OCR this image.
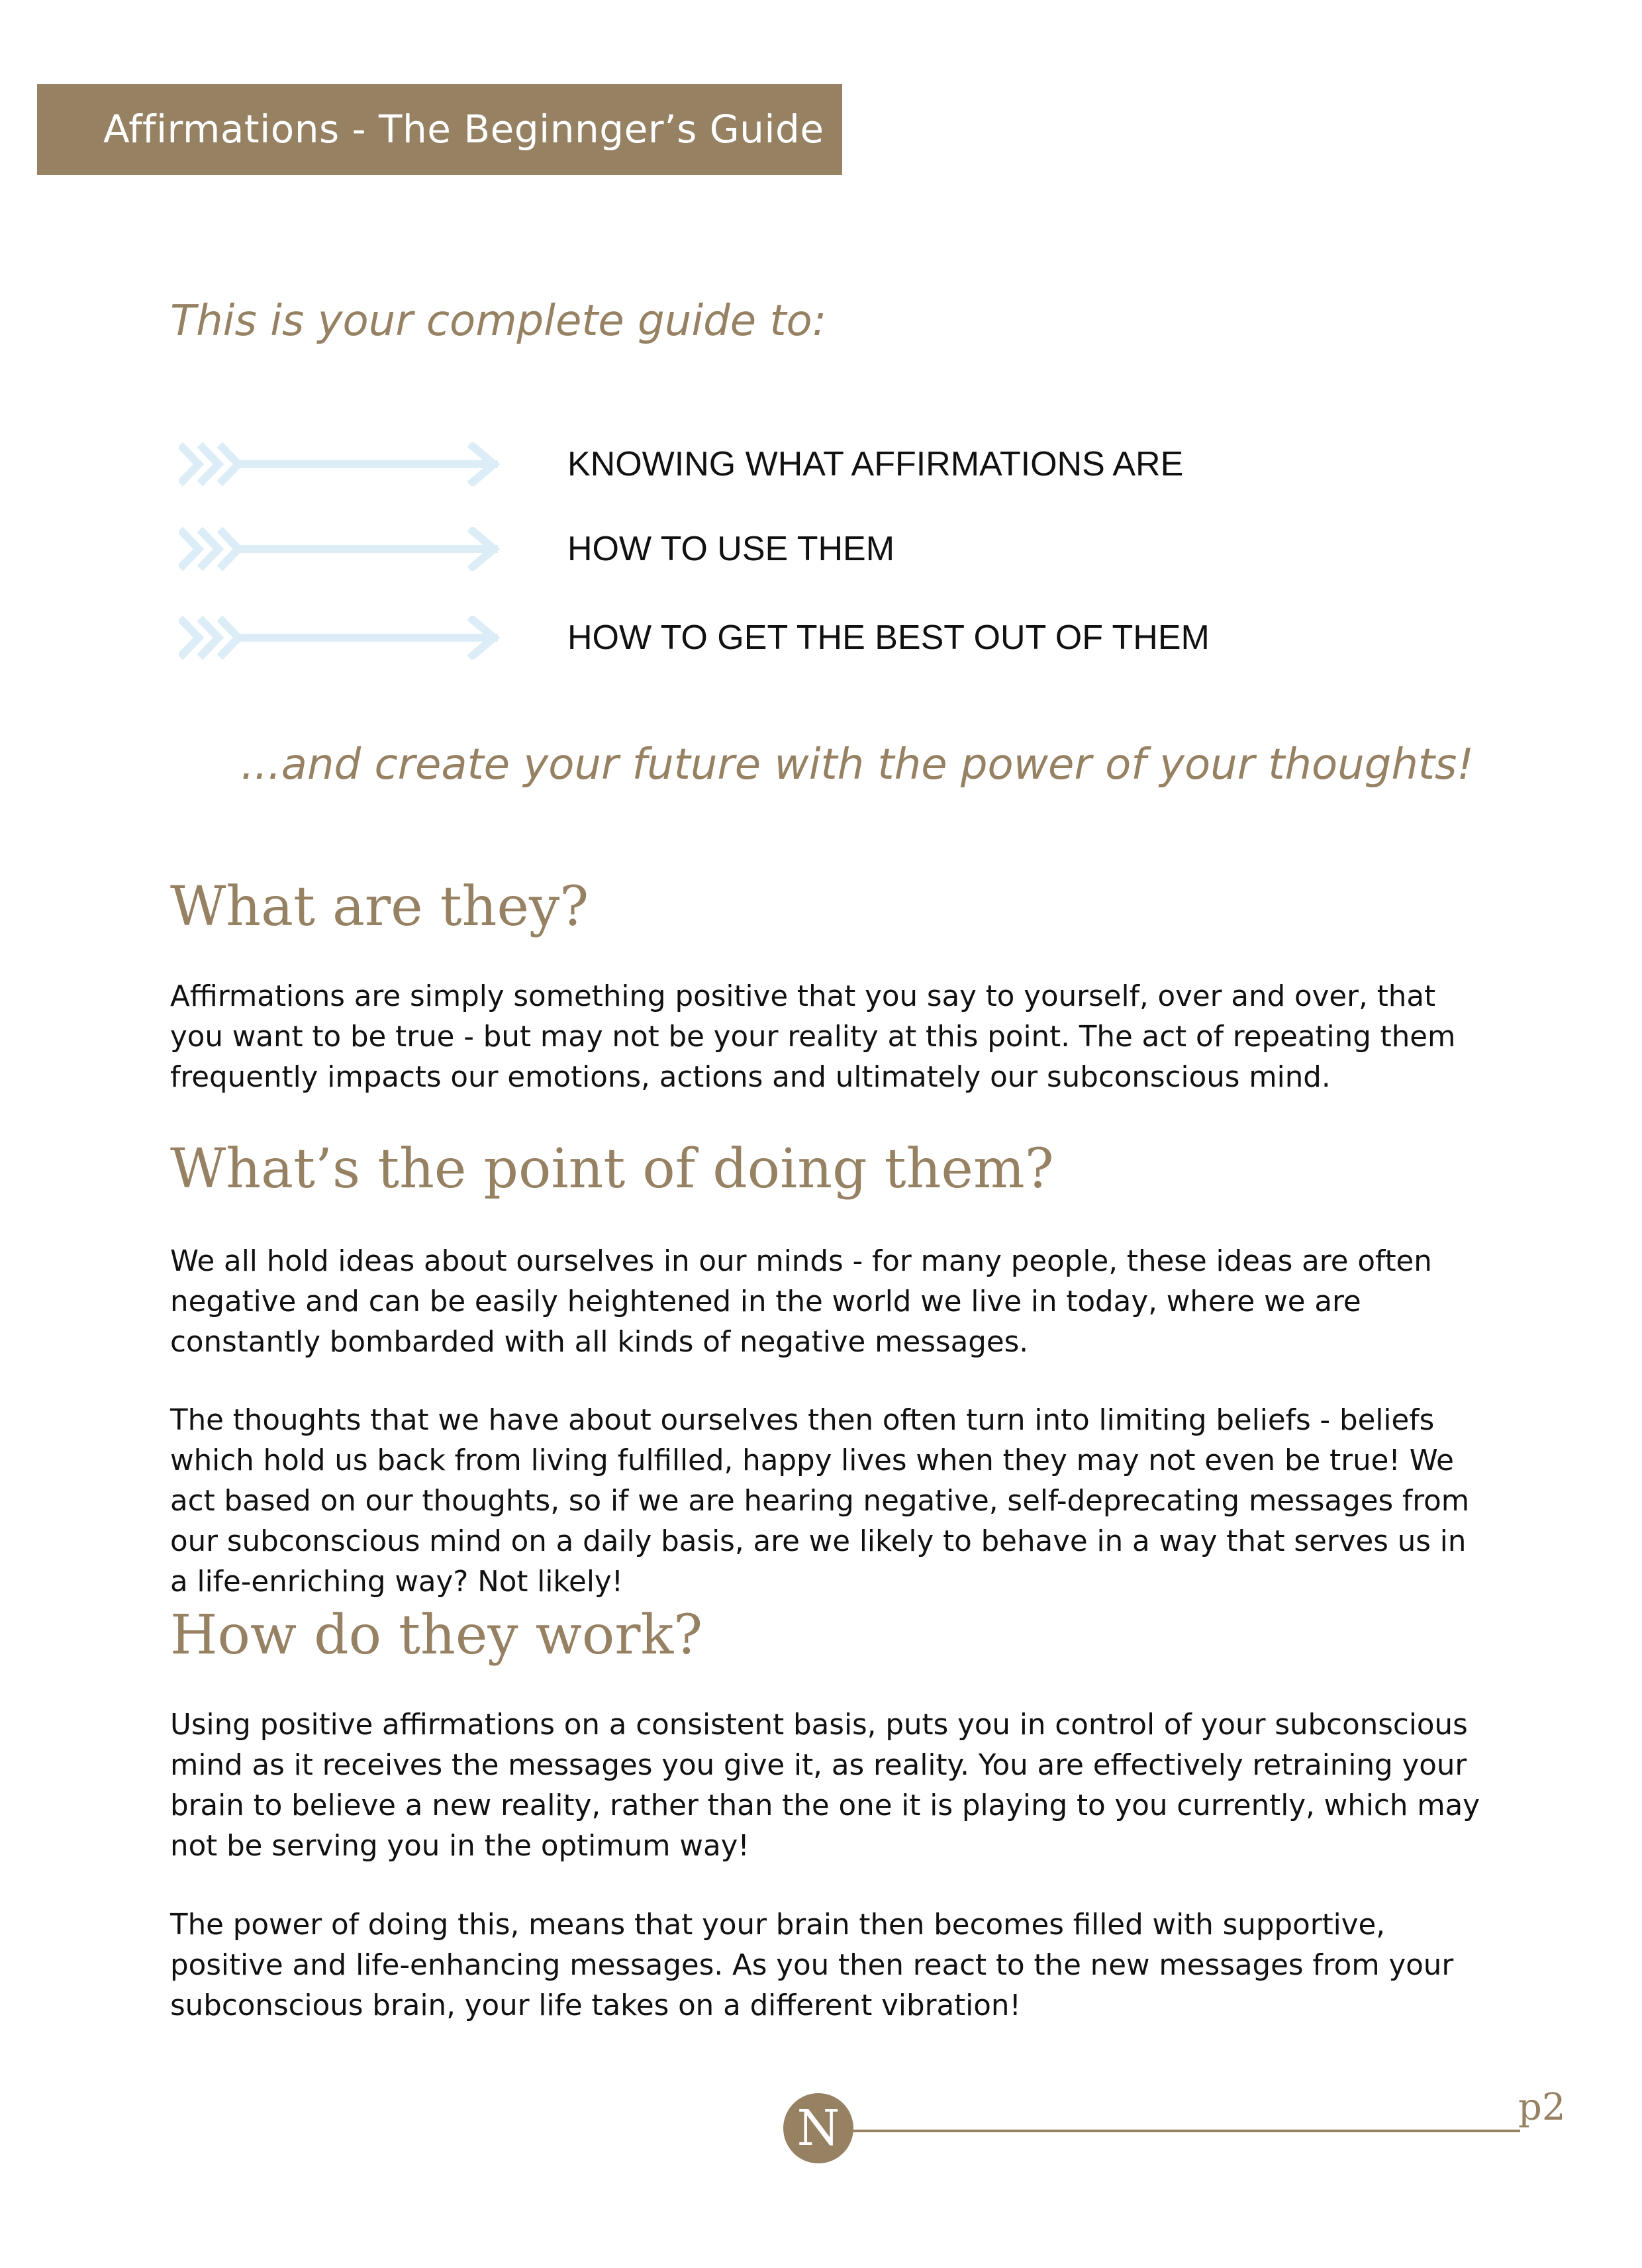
Affirmations - The Beginnger’s Guide
This is your complete guide to:
KNOWING WHAT AFFIRMATIONS ARE
HOW TO USE THEM
HOW TO GET THE BEST OUT OF THEM
...and create your future with the power of your thoughts!
What are they?

Affirmations are simply something positive that you say to yourself, over and over, that you want to be true - but may not be your reality at this point. The act of repeating them frequently impacts our emotions, actions and ultimately our subconscious mind.

What’s the point of doing them?

We all hold ideas about ourselves in our minds - for many people, these ideas are often negative and can be easily heightened in the world we live in today, where we are constantly bombarded with all kinds of negative messages.

The thoughts that we have about ourselves then often turn into limiting beliefs - beliefs which hold us back from living fulfilled, happy lives when they may not even be true! We act based on our thoughts, so if we are hearing negative, self-deprecating messages from our subconscious mind on a daily basis, are we likely to behave in a way that serves us in a life-enriching way? Not likely!

How do they work?

Using positive affirmations on a consistent basis, puts you in control of your subconscious mind as it receives the messages you give it, as reality. You are effectively retraining your brain to believe a new reality, rather than the one it is playing to you currently, which may not be serving you in the optimum way!

The power of doing this, means that your brain then becomes filled with supportive, positive and life-enhancing messages. As you then react to the new messages from your subconscious brain, your life takes on a different vibration!

N	p2
